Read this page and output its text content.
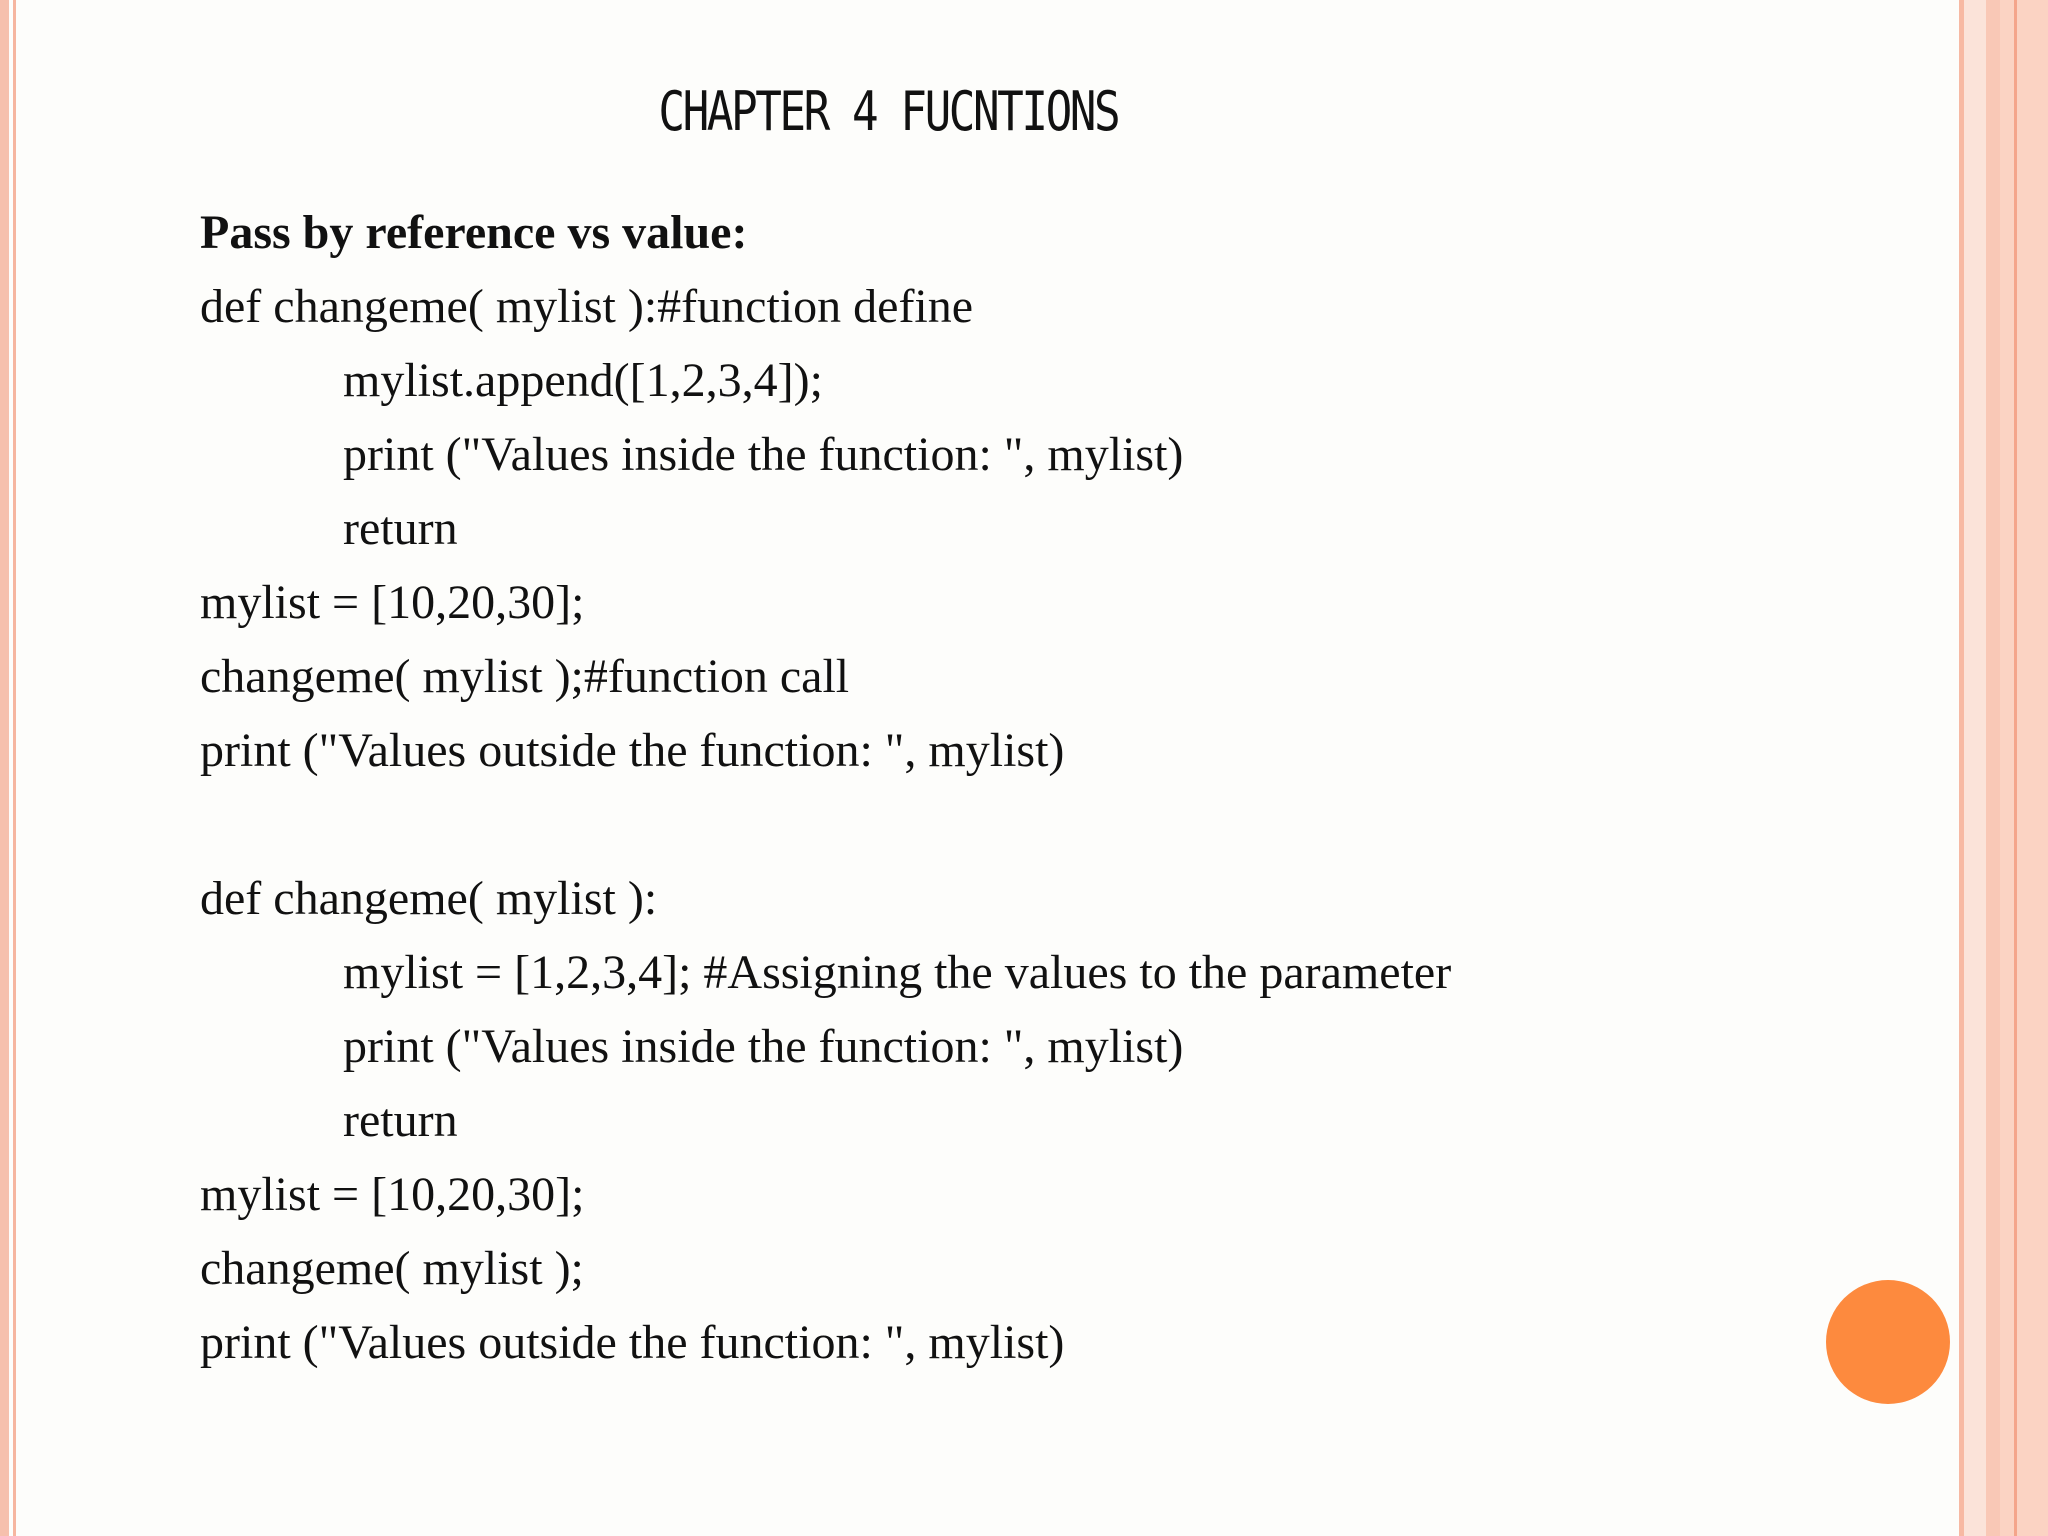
CHAPTER 4 FUCNTIONS
Pass by reference vs value:
def changeme( mylist ):#function define
mylist.append([1,2,3,4]);
print ("Values inside the function: ", mylist)
return
mylist = [10,20,30];
changeme( mylist );#function call
print ("Values outside the function: ", mylist)
def changeme( mylist ):
mylist = [1,2,3,4]; #Assigning the values to the parameter
print ("Values inside the function: ", mylist)
return
mylist = [10,20,30];
changeme( mylist );
print ("Values outside the function: ", mylist)
